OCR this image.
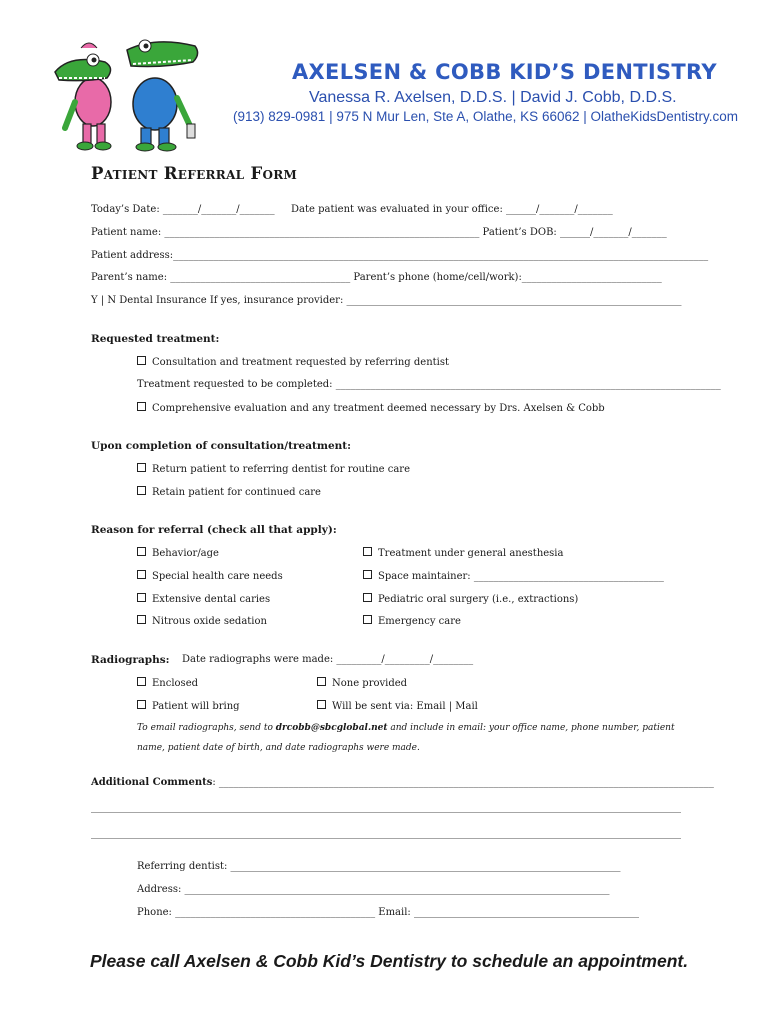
AXELSEN & COBB KID’S DENTISTRY
Vanessa R. Axelsen, D.D.S. | David J. Cobb, D.D.S.
(913) 829-0981 | 975 N Mur Len, Ste A, Olathe, KS 66062 | OlatheKidsDentistry.com
Patient Referral Form
Today’s Date: _______/_______/_______ Date patient was evaluated in your office: ______/_______/_______
Patient name: _______________________________________________________________ Patient’s DOB: ______/_______/_______
Patient address:___________________________________________________________________________________________________________
Parent’s name: ____________________________________ Parent’s phone (home/cell/work):____________________________
Y | N Dental Insurance If yes, insurance provider: ___________________________________________________________________
Requested treatment:
Consultation and treatment requested by referring dentist
Treatment requested to be completed: _____________________________________________________________________________
Comprehensive evaluation and any treatment deemed necessary by Drs. Axelsen & Cobb
Upon completion of consultation/treatment:
Return patient to referring dentist for routine care
Retain patient for continued care
Reason for referral (check all that apply):
Behavior/age
Special health care needs
Extensive dental caries
Nitrous oxide sedation
Treatment under general anesthesia
Space maintainer: ______________________________________
Pediatric oral surgery (i.e., extractions)
Emergency care
Radiographs: Date radiographs were made: _________/_________/________
Enclosed	None provided
Patient will bring	Will be sent via: Email | Mail
To email radiographs, send to drcobb@sbcglobal.net and include in email: your office name, phone number, patient
name, patient date of birth, and date radiographs were made.
Additional Comments: ___________________________________________________________________________________________________
______________________________________________________________________________________________________________________
______________________________________________________________________________________________________________________
Referring dentist: ______________________________________________________________________________
Address: _____________________________________________________________________________________
Phone: ________________________________________ Email: _____________________________________________
Please call Axelsen & Cobb Kid’s Dentistry to schedule an appointment.
